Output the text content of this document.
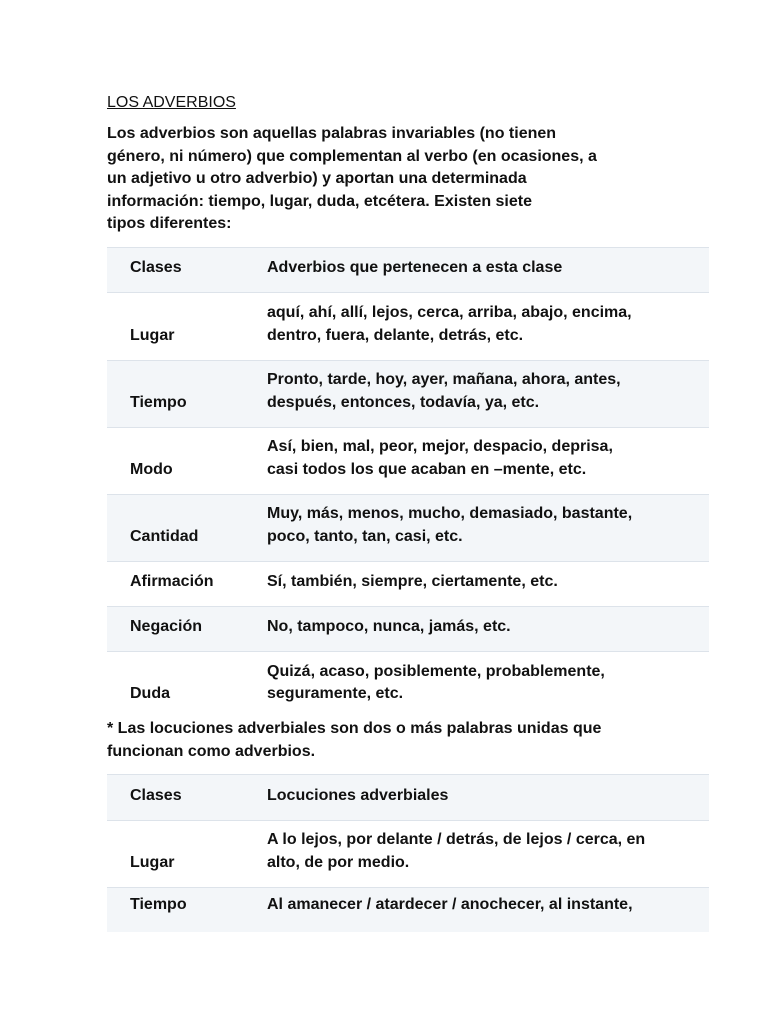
LOS ADVERBIOS

Los adverbios son aquellas palabras invariables (no tienen
género, ni número) que complementan al verbo (en ocasiones, a
un adjetivo u otro adverbio) y aportan una determinada
información: tiempo, lugar, duda, etcétera. Existen siete
tipos diferentes:

Clases	Adverbios que pertenecen a esta clase
Lugar	aquí, ahí, allí, lejos, cerca, arriba, abajo, encima,
dentro, fuera, delante, detrás, etc.

Tiempo	Pronto, tarde, hoy, ayer, mañana, ahora, antes,
después, entonces, todavía, ya, etc.

Modo	Así, bien, mal, peor, mejor, despacio, deprisa,
casi todos los que acaban en –mente, etc.

Cantidad	Muy, más, menos, mucho, demasiado, bastante,
poco, tanto, tan, casi, etc.

Afirmación	Sí, también, siempre, ciertamente, etc.

Negación	No, tampoco, nunca, jamás, etc.

Duda	Quizá, acaso, posiblemente, probablemente,
seguramente, etc.

* Las locuciones adverbiales son dos o más palabras unidas que
funcionan como adverbios.

Clases	Locuciones adverbiales
Lugar	A lo lejos, por delante / detrás, de lejos / cerca, en
alto, de por medio.

Tiempo	Al amanecer / atardecer / anochecer, al instante,
